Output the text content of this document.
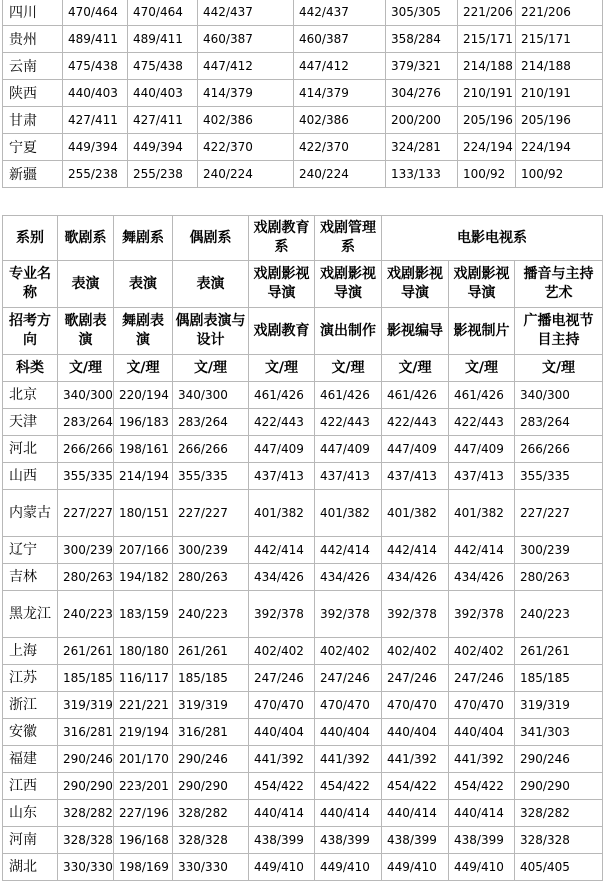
四川	470/464	470/464	442/437	442/437	305/305	221/206	221/206
贵州	489/411	489/411	460/387	460/387	358/284	215/171	215/171
云南	475/438	475/438	447/412	447/412	379/321	214/188	214/188
陕西	440/403	440/403	414/379	414/379	304/276	210/191	210/191
甘肃	427/411	427/411	402/386	402/386	200/200	205/196	205/196
宁夏	449/394	449/394	422/370	422/370	324/281	224/194	224/194
新疆	255/238	255/238	240/224	240/224	133/133	100/92	100/92
系别	歌剧系	舞剧系	偶剧系	戏剧教育系	戏剧管理系	电影电视系		
专业名称	表演	表演	表演	戏剧影视导演	戏剧影视导演	戏剧影视导演	戏剧影视导演	播音与主持艺术
招考方向	歌剧表演	舞剧表演	偶剧表演与设计	戏剧教育	演出制作	影视编导	影视制片	广播电视节目主持
科类	文/理	文/理	文/理	文/理	文/理	文/理	文/理	文/理
北京	340/300	220/194	340/300	461/426	461/426	461/426	461/426	340/300
天津	283/264	196/183	283/264	422/443	422/443	422/443	422/443	283/264
河北	266/266	198/161	266/266	447/409	447/409	447/409	447/409	266/266
山西	355/335	214/194	355/335	437/413	437/413	437/413	437/413	355/335
内蒙古	227/227	180/151	227/227	401/382	401/382	401/382	401/382	227/227
辽宁	300/239	207/166	300/239	442/414	442/414	442/414	442/414	300/239
吉林	280/263	194/182	280/263	434/426	434/426	434/426	434/426	280/263
黑龙江	240/223	183/159	240/223	392/378	392/378	392/378	392/378	240/223
上海	261/261	180/180	261/261	402/402	402/402	402/402	402/402	261/261
江苏	185/185	116/117	185/185	247/246	247/246	247/246	247/246	185/185
浙江	319/319	221/221	319/319	470/470	470/470	470/470	470/470	319/319
安徽	316/281	219/194	316/281	440/404	440/404	440/404	440/404	341/303
福建	290/246	201/170	290/246	441/392	441/392	441/392	441/392	290/246
江西	290/290	223/201	290/290	454/422	454/422	454/422	454/422	290/290
山东	328/282	227/196	328/282	440/414	440/414	440/414	440/414	328/282
河南	328/328	196/168	328/328	438/399	438/399	438/399	438/399	328/328
湖北	330/330	198/169	330/330	449/410	449/410	449/410	449/410	405/405
